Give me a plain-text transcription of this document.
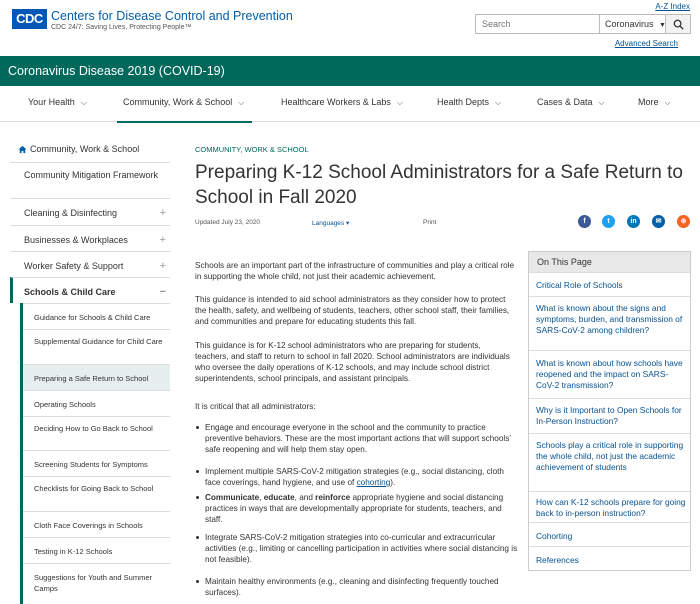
CDC Centers for Disease Control and Prevention
CDC 24/7: Saving Lives, Protecting People™
A-Z Index
Search
Coronavirus ▼
Advanced Search
Coronavirus Disease 2019 (COVID-19)
Your Health ⌵	Community, Work & School ⌵	Healthcare Workers & Labs ⌵	Health Depts ⌵	Cases & Data ⌵	More ⌵
Community, Work & School
Community Mitigation Framework
Cleaning & Disinfecting	+
Businesses & Workplaces	+
Worker Safety & Support	+
Schools & Child Care	−
Guidance for Schools & Child Care
Supplemental Guidance for Child Care
Preparing a Safe Return to School
Operating Schools
Deciding How to Go Back to School
Screening Students for Symptoms
Checklists for Going Back to School
Cloth Face Coverings in Schools
Testing in K-12 Schools
Suggestions for Youth and Summer Camps
COMMUNITY, WORK & SCHOOL
Preparing K-12 School Administrators for a Safe Return to School in Fall 2020
Updated July 23, 2020	Languages ▾	Print	f	t	in	✉	⊕

Schools are an important part of the infrastructure of communities and play a critical role in supporting the whole child, not just their academic achievement.

This guidance is intended to aid school administrators as they consider how to protect the health, safety, and wellbeing of students, teachers, other school staff, their families, and communities and prepare for educating students this fall.

This guidance is for K-12 school administrators who are preparing for students, teachers, and staff to return to school in fall 2020. School administrators are individuals who oversee the daily operations of K-12 schools, and may include school district superintendents, school principals, and assistant principals.

It is critical that all administrators:

Engage and encourage everyone in the school and the community to practice preventive behaviors. These are the most important actions that will support schools’ safe reopening and will help them stay open.
Implement multiple SARS-CoV-2 mitigation strategies (e.g., social distancing, cloth face coverings, hand hygiene, and use of cohorting).
Communicate, educate, and reinforce appropriate hygiene and social distancing practices in ways that are developmentally appropriate for students, teachers, and staff.
Integrate SARS-CoV-2 mitigation strategies into co-curricular and extracurricular activities (e.g., limiting or cancelling participation in activities where social distancing is not feasible).
Maintain healthy environments (e.g., cleaning and disinfecting frequently touched surfaces).
On This Page
Critical Role of Schools
What is known about the signs and symptoms, burden, and transmission of SARS-CoV-2 among children?
What is known about how schools have reopened and the impact on SARS-CoV-2 transmission?
Why is it Important to Open Schools for In-Person Instruction?
Schools play a critical role in supporting the whole child, not just the academic achievement of students
How can K-12 schools prepare for going back to in-person instruction?
Cohorting
References
